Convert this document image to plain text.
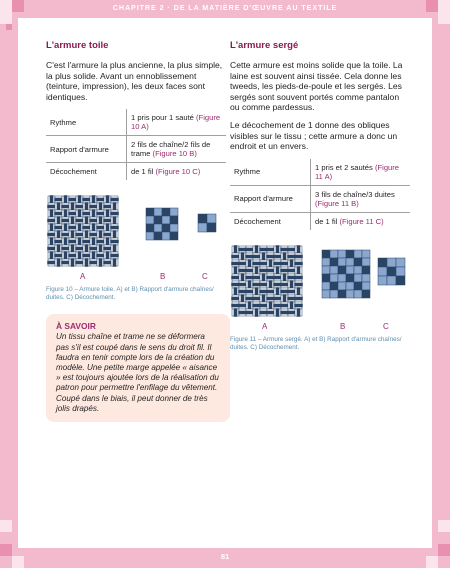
CHAPITRE 2 · DE LA MATIÈRE D'ŒUVRE AU TEXTILE
L'armure toile

C'est l'armure la plus ancienne, la plus simple, la plus solide. Avant un ennoblissement (teinture, impression), les deux faces sont identiques.

Rythme	1 pris pour 1 sauté (Figure 10 A)
Rapport d'armure	2 fils de chaîne/2 fils de trame (Figure 10 B)
Décochement	de 1 fil (Figure 10 C)
A	B	C
Figure 10 – Armure toile. A) et B) Rapport d'armure chaînes/ duites. C) Décochement.
À SAVOIR
Un tissu chaîne et trame ne se déformera pas s'il est coupé dans le sens du droit fil. Il faudra en tenir compte lors de la création du modèle. Une petite marge appelée « aisance » est toujours ajoutée lors de la réalisation du patron pour permettre l'enfilage du vêtement. Coupé dans le biais, il peut donner de très jolis drapés.
L'armure sergé

Cette armure est moins solide que la toile. La laine est souvent ainsi tissée. Cela donne les tweeds, les pieds-de-poule et les sergés. Les sergés sont souvent portés comme pantalon ou comme pardessus.

Le décochement de 1 donne des obliques visibles sur le tissu ; cette armure a donc un endroit et un envers.

Rythme	1 pris et 2 sautés (Figure 11 A)
Rapport d'armure	3 fils de chaîne/3 duites (Figure 11 B)
Décochement	de 1 fil (Figure 11 C)
A	B	C
Figure 11 – Armure sergé. A) et B) Rapport d'armure chaînes/ duites. C) Décochement.
81
